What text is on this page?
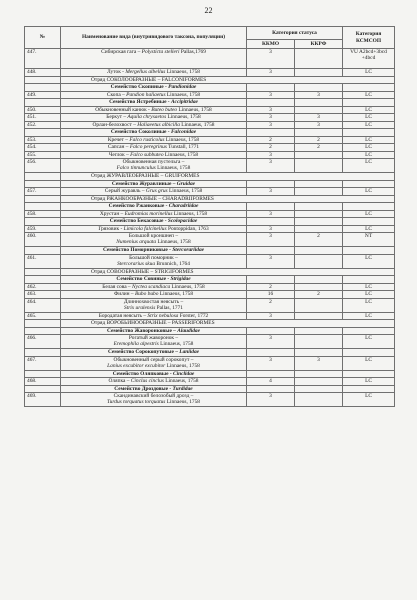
22
№	Наименование вида (внутривидового таксона, популяции)	Категория статуса		Категория КСМСОП
		ККМО	ККРФ	
447.	Сибирская гага – Polysticta stelleri Pallas,1769	3		VU A2bcd+3bcd +4bcd
448.	Луток - Mergellus albellus Linnaeus, 1758	3		LC
	Отряд СОКОЛООБРАЗНЫЕ – FALCONIFORMES			
	Семейство Скопиные - Pandionidae			
449.	Скопа – Pandion haliaetus Linnaeus, 1758	3	3	LC
	Семейство Ястребиные - Accipitridae			
450.	Обыкновенный канюк - Buteo buteo Linnaeus, 1758	3		LC
451.	Беркут – Aquila chrysaetos Linnaeus, 1758	3	3	LC
452.	Орлан-белохвост – Haliaeetus albicilla Linnaeus, 1758	3	3	LC
	Семейство Соколиные - Falconidae			
453.	Кречет – Falco rusticolus Linnaeus, 1758	2	2	LC
454.	Сапсан – Falco peregrinus Tunstall, 1771	2	2	LC
455.	Чеглок – Falco subbuteo Linnaeus, 1758	3		LC
456.	Обыкновенная пустельга –
Falco tinnunculus Linnaeus, 1758	3		LC
	Отряд ЖУРАВЛЕОБРАЗНЫЕ – GRUIFORMES			
	Семейство Журавлиные – Gruidae			
457.	Серый журавль – Grus grus Linnaeus, 1758	3		LC
	Отряд РЖАНКООБРАЗНЫЕ – CHARADRIIFORMES			
	Семейство Ржанковые - Charadriidae			
458.	Хрустан – Eudromias morinellus Linnaeus, 1758	3		LC
	Семейство Бекасовые - Scolopacidae			
459.	Грязовик - Limicola falcinellus Pontoppidan, 1763	3		LC
460.	Большой кроншнеп –
Numenius arquata Linnaeus, 1758	3	2	NT
	Семейство Поморниковые - Stercorariidae			
461.	Большой поморник –
Stercorarius skua Brunnich, 1764	3		LC
	Отряд СОВООБРАЗНЫЕ – STRIGIFORMES			
	Семейство Совиные - Strigidae			
462.	Белая сова – Nyctea scandiaca Linnaeus, 1758	2		LC
463.	Филин – Bubo bubo Linnaeus, 1758	16	2	LC
464.	Длиннохвостая неясыть –
Strix uralensis Pallas, 1771	2		LC
465.	Бородатая неясыть – Strix nebulosa Forster, 1772	3		LC
	Отряд ВОРОБЬИНООБРАЗНЫЕ – PASSERIFORMES			
	Семейство Жаворонковые – Alaudidae			
466.	Рогатый жаворонок –
Eremophila alpestris Linnaeus, 1758	3		LC
	Семейство Сорокопутовые – Laniidae			
467.	Обыкновенный серый сорокопут –
Lanius excubitor excubitor Linnaeus, 1758	3	3	LC
	Семейство Оляпковые - Cinclidae			
468.	Оляпка – Cinclus cinclus Linnaeus, 1758	4		LC
	Семейство Дроздовые - Turdidae			
469.	Скандинавский белозобый дрозд –
Turdus torquatus torquatus Linnaeus, 1758	3		LC
